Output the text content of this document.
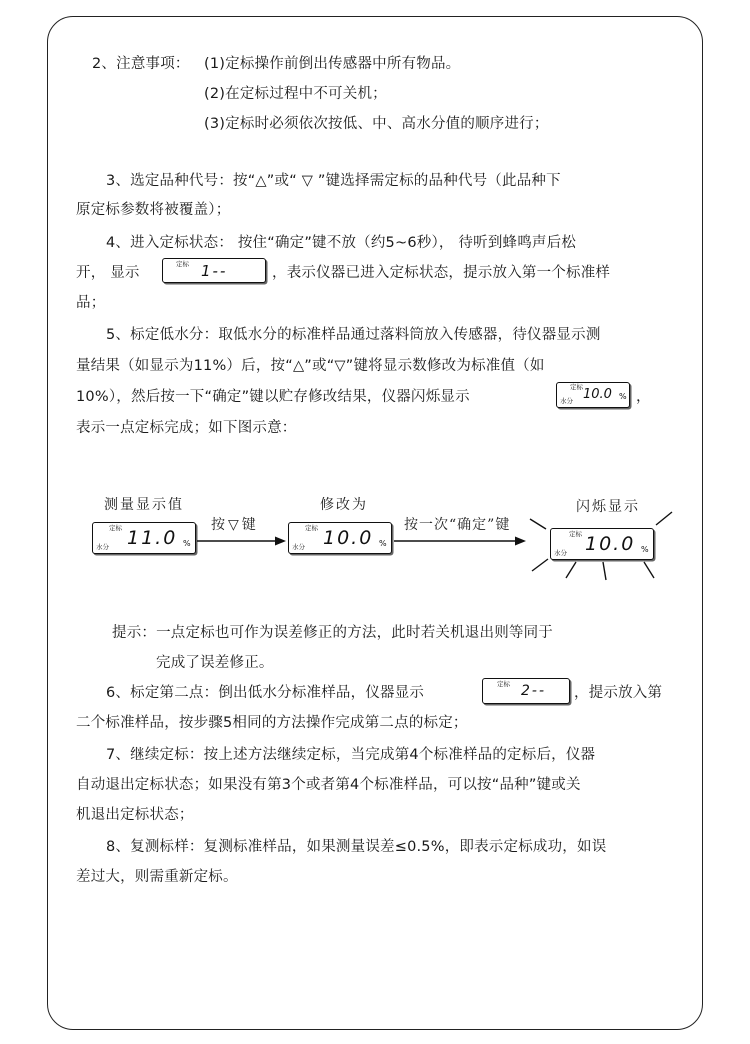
2、注意事项： (1)定标操作前倒出传感器中所有物品。
(2)在定标过程中不可关机；
(3)定标时必须依次按低、中、高水分值的顺序进行；
3、选定品种代号：按“△”或“ ▽ ”键选择需定标的品种代号（此品种下
原定标参数将被覆盖）；
4、进入定标状态： 按住“确定”键不放（约5~6秒）， 待听到蜂鸣声后松
开， 显示
定标 1--	，表示仪器已进入定标状态，提示放入第一个标准样
品；
5、标定低水分：取低水分的标准样品通过落料筒放入传感器，待仪器显示测
量结果（如显示为11%）后，按“△”或“▽”键将显示数修改为标准值（如
10%），然后按一下“确定”键以贮存修改结果，仪器闪烁显示
定标
水分 10.0 % ，
表示一点定标完成；如下图示意：
测量显示值	修改为	闪烁显示
定标
水分 11.0 %
按▽键	定标
水分 10.0 %
按一次“确定”键
定标
水分 10.0 %
提示：一点定标也可作为误差修正的方法，此时若关机退出则等同于
完成了误差修正。
6、标定第二点：倒出低水分标准样品，仪器显示
定标 2-- ，提示放入第
二个标准样品，按步骤5相同的方法操作完成第二点的标定；
7、继续定标：按上述方法继续定标，当完成第4个标准样品的定标后，仪器
自动退出定标状态；如果没有第3个或者第4个标准样品，可以按“品种”键或关
机退出定标状态；
8、复测标样：复测标准样品，如果测量误差≤0.5%，即表示定标成功，如误
差过大，则需重新定标。
